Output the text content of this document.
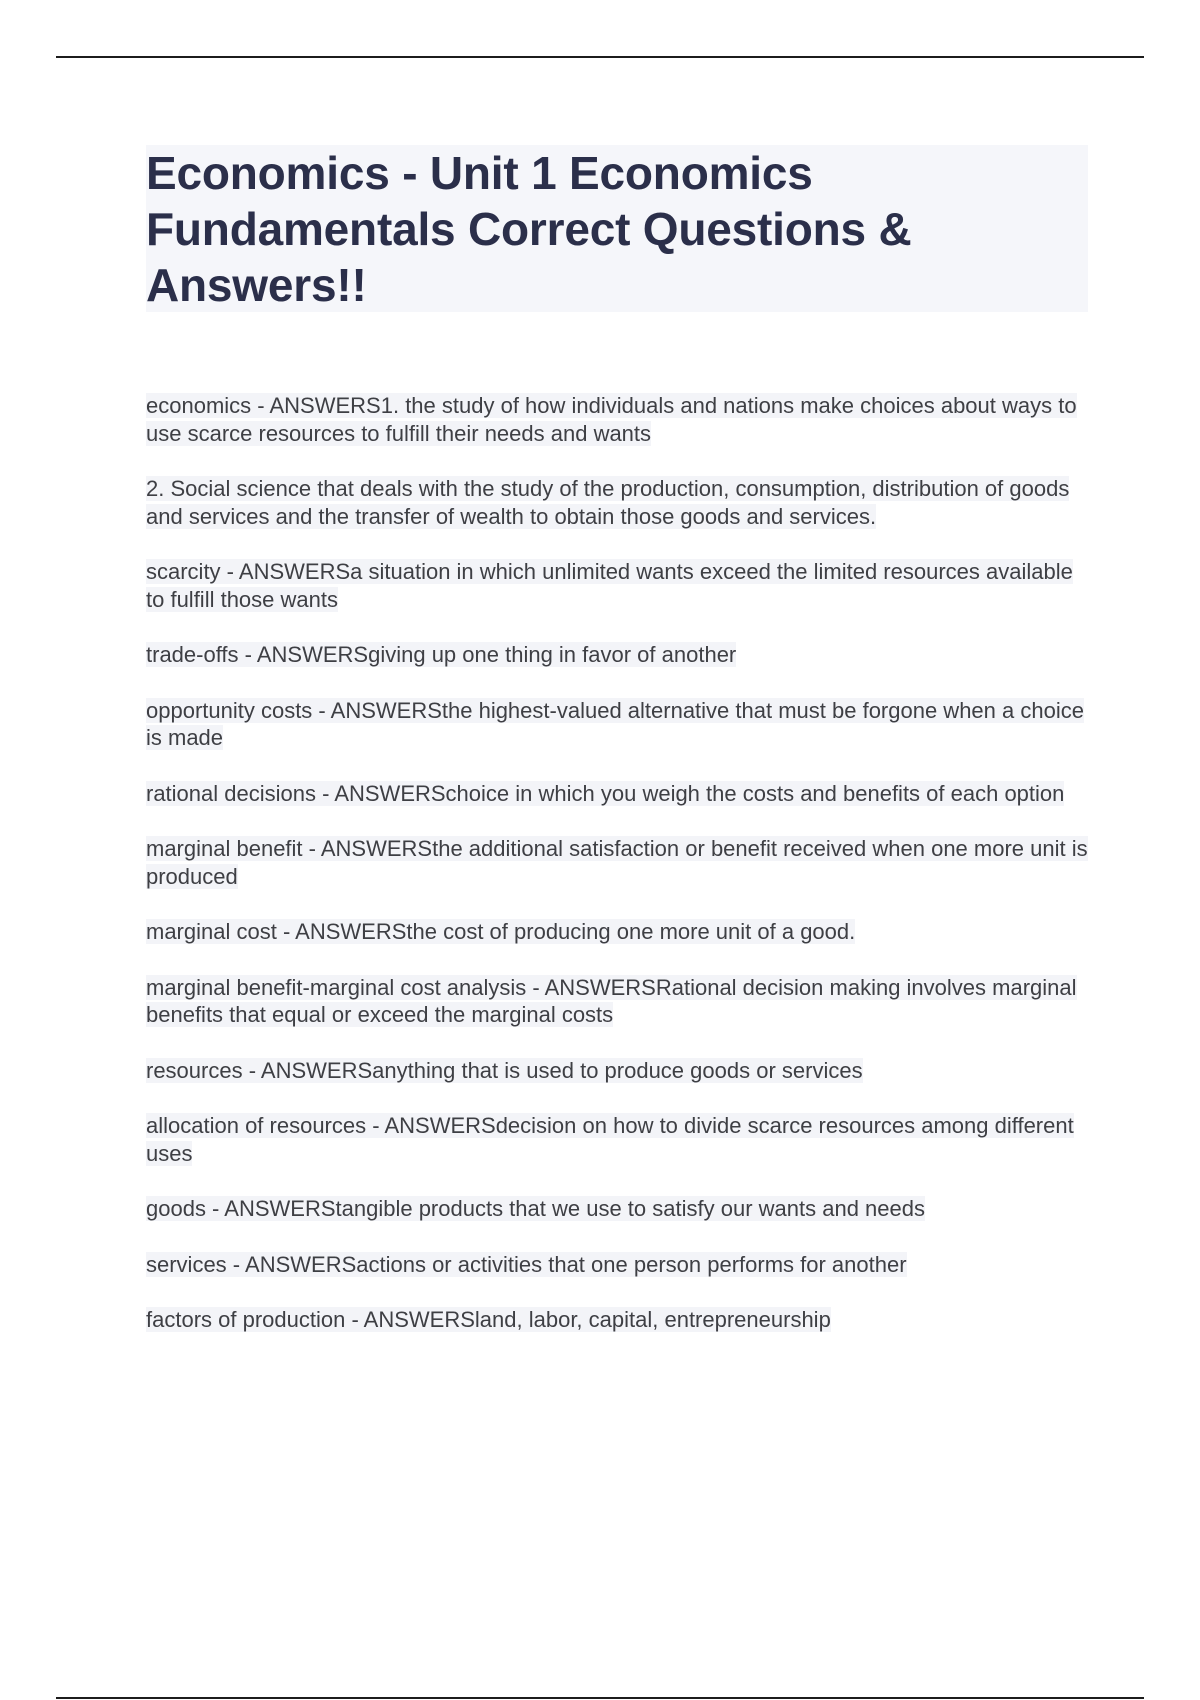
Economics - Unit 1 Economics Fundamentals Correct Questions & Answers!!

economics - ANSWERS1. the study of how individuals and nations make choices about ways to use scarce resources to fulfill their needs and wants

2. Social science that deals with the study of the production, consumption, distribution of goods and services and the transfer of wealth to obtain those goods and services.

scarcity - ANSWERSa situation in which unlimited wants exceed the limited resources available to fulfill those wants

trade-offs - ANSWERSgiving up one thing in favor of another

opportunity costs - ANSWERSthe highest-valued alternative that must be forgone when a choice is made

rational decisions - ANSWERSchoice in which you weigh the costs and benefits of each option

marginal benefit - ANSWERSthe additional satisfaction or benefit received when one more unit is produced

marginal cost - ANSWERSthe cost of producing one more unit of a good.

marginal benefit-marginal cost analysis - ANSWERSRational decision making involves marginal benefits that equal or exceed the marginal costs

resources - ANSWERSanything that is used to produce goods or services

allocation of resources - ANSWERSdecision on how to divide scarce resources among different uses

goods - ANSWERStangible products that we use to satisfy our wants and needs

services - ANSWERSactions or activities that one person performs for another

factors of production - ANSWERSland, labor, capital, entrepreneurship
